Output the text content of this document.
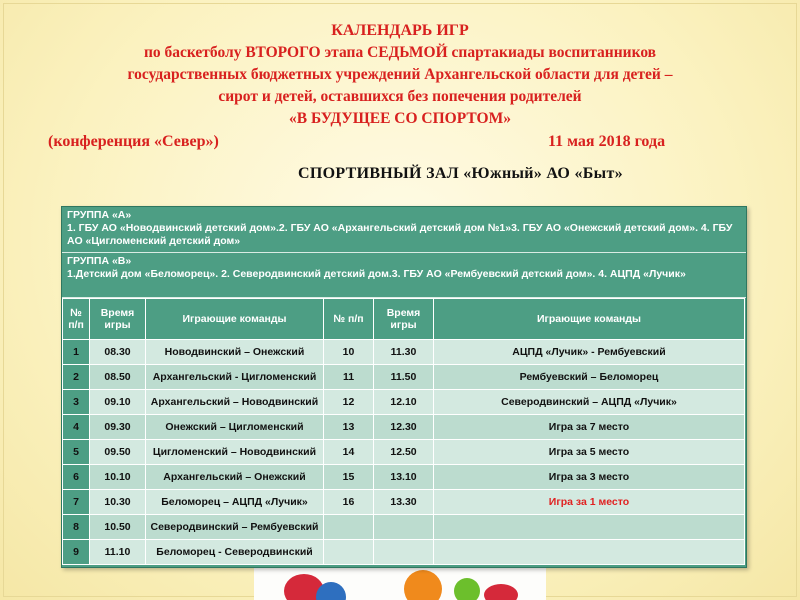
КАЛЕНДАРЬ ИГР
по баскетболу ВТОРОГО этапа СЕДЬМОЙ спартакиады воспитанников
государственных бюджетных учреждений Архангельской области для детей –
сирот и детей, оставшихся без попечения родителей
«В БУДУЩЕЕ СО СПОРТОМ»
(конференция «Север»)	11 мая 2018 года
СПОРТИВНЫЙ ЗАЛ «Южный» АО «Быт»
ГРУППА «А»
1. ГБУ АО «Новодвинский детский дом».2. ГБУ АО «Архангельский детский дом №1»3. ГБУ АО «Онежский детский дом». 4. ГБУ АО «Цигломенский детский дом»
ГРУППА «В»
1.Детский дом «Беломорец». 2. Северодвинский детский дом.3. ГБУ АО «Рембуевский детский дом». 4. АЦПД «Лучик»
№ п/п	Время игры	Играющие команды	№ п/п	Время игры	Играющие команды
1	08.30	Новодвинский – Онежский	10	11.30	АЦПД «Лучик» - Рембуевский
2	08.50	Архангельский - Цигломенский	11	11.50	Рембуевский – Беломорец
3	09.10	Архангельский – Новодвинский	12	12.10	Северодвинский – АЦПД «Лучик»
4	09.30	Онежский – Цигломенский	13	12.30	Игра за 7 место
5	09.50	Цигломенский – Новодвинский	14	12.50	Игра за 5 место
6	10.10	Архангельский – Онежский	15	13.10	Игра за 3 место
7	10.30	Беломорец – АЦПД «Лучик»	16	13.30	Игра за 1 место
8	10.50	Северодвинский – Рембуевский			
9	11.10	Беломорец - Северодвинский			
